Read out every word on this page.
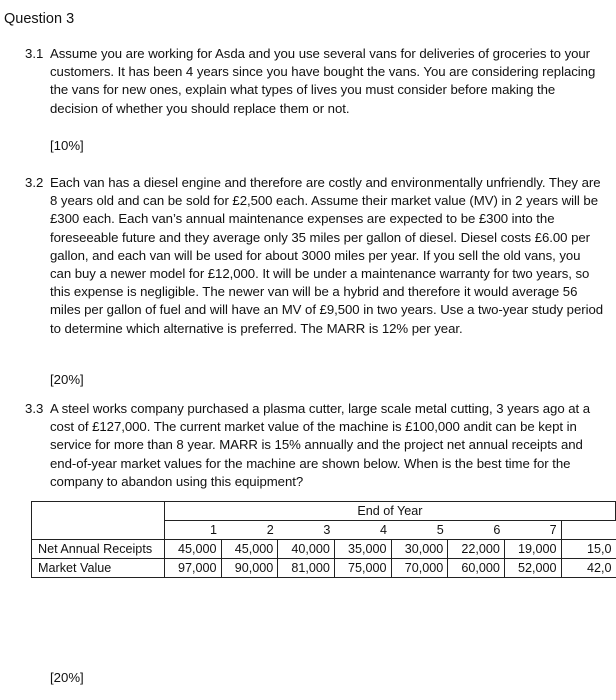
Question 3
3.1 Assume you are working for Asda and you use several vans for deliveries of groceries to your customers. It has been 4 years since you have bought the vans. You are considering replacing the vans for new ones, explain what types of lives you must consider before making the decision of whether you should replace them or not.
[10%]
3.2 Each van has a diesel engine and therefore are costly and environmentally unfriendly. They are 8 years old and can be sold for £2,500 each. Assume their market value (MV) in 2 years will be £300 each. Each van’s annual maintenance expenses are expected to be £300 into the foreseeable future and they average only 35 miles per gallon of diesel. Diesel costs £6.00 per gallon, and each van will be used for about 3000 miles per year. If you sell the old vans, you can buy a newer model for £12,000. It will be under a maintenance warranty for two years, so this expense is negligible. The newer van will be a hybrid and therefore it would average 56 miles per gallon of fuel and will have an MV of £9,500 in two years. Use a two-year study period to determine which alternative is preferred. The MARR is 12% per year.
[20%]
3.3 A steel works company purchased a plasma cutter, large scale metal cutting, 3 years ago at a cost of £127,000. The current market value of the machine is £100,000 andit can be kept in service for more than 8 year. MARR is 15% annually and the project net annual receipts and end-of-year market values for the machine are shown below. When is the best time for the company to abandon using this equipment?
	End of Year							
	1	2	3	4	5	6	7	
Net Annual Receipts	45,000	45,000	40,000	35,000	30,000	22,000	19,000	15,0
Market Value	97,000	90,000	81,000	75,000	70,000	60,000	52,000	42,0
[20%]
